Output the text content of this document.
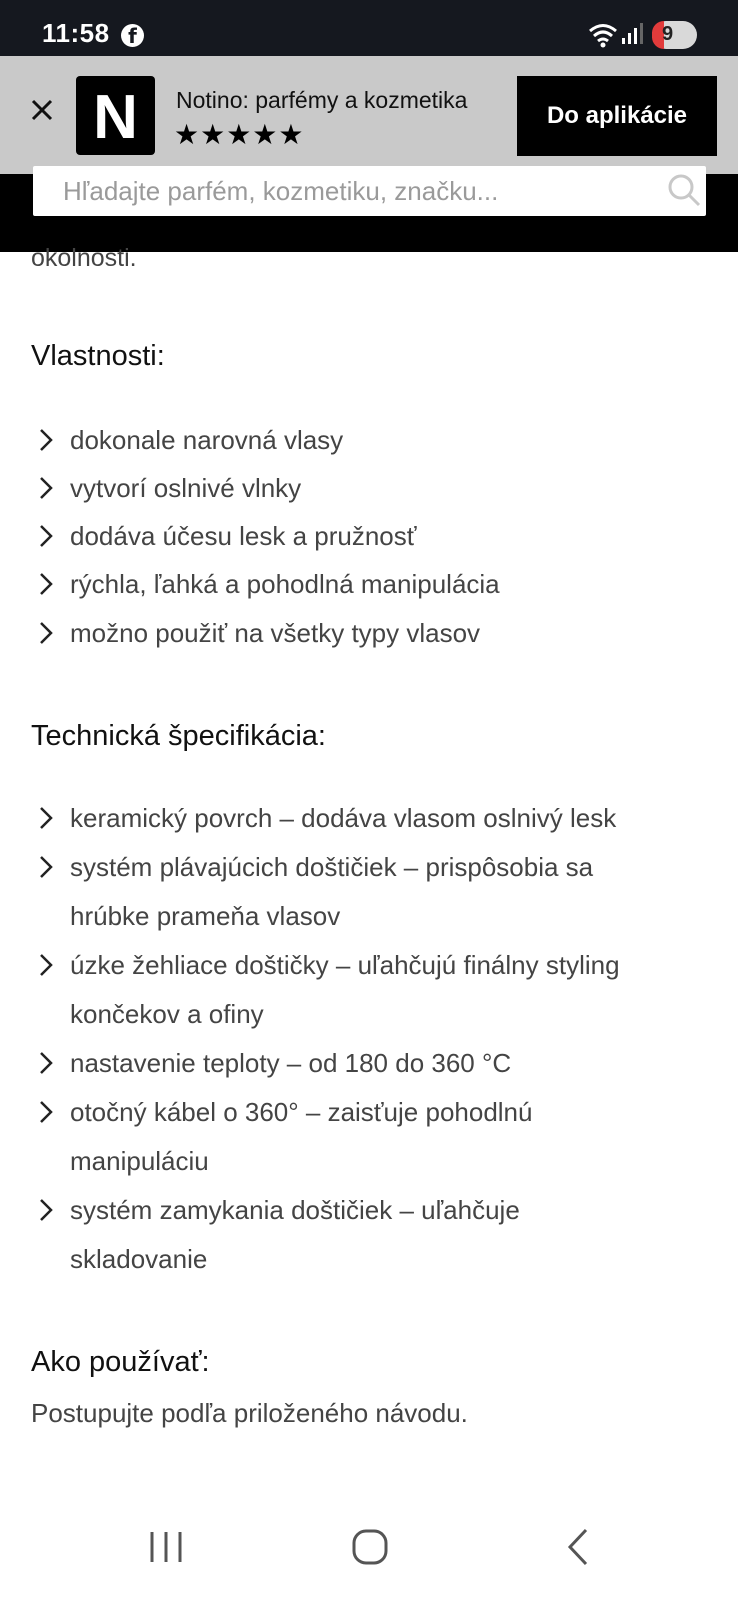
11:58 f	9
N	Notino: parfémy a kozmetika
★★★★★
Do aplikácie
Hľadajte parfém, kozmetiku, značku...
okolnosti.
Vlastnosti:
dokonale narovná vlasy
vytvorí oslnivé vlnky
dodáva účesu lesk a pružnosť
rýchla, ľahká a pohodlná manipulácia
možno použiť na všetky typy vlasov
Technická špecifikácia:
keramický povrch – dodáva vlasom oslnivý lesk
systém plávajúcich doštičiek – prispôsobia sa
hrúbke prameňa vlasov
úzke žehliace doštičky – uľahčujú finálny styling
končekov a ofiny
nastavenie teploty – od 180 do 360 °C
otočný kábel o 360° – zaisťuje pohodlnú
manipuláciu
systém zamykania doštičiek – uľahčuje
skladovanie
Ako používať:
Postupujte podľa priloženého návodu.
